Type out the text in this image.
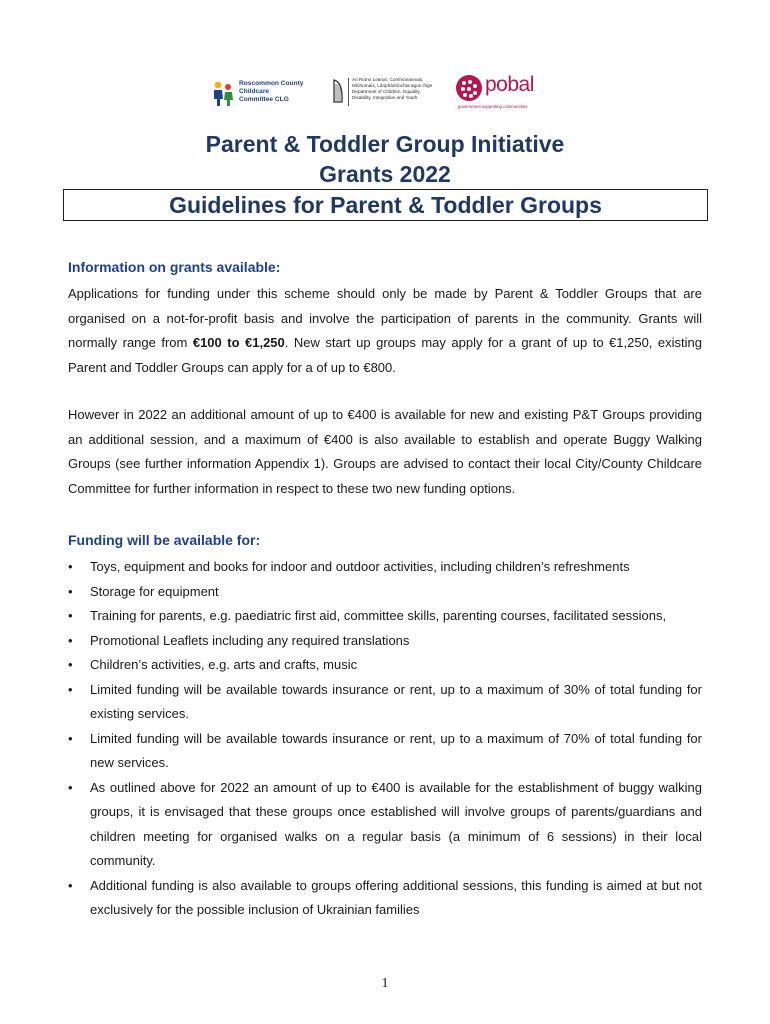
Roscommon County
Childcare
Committee CLG
An Roinn Leanaí, Comhionannais,
Míchumais, Lánpháirtíochta agus Óige
Department of Children, Equality,
Disability, Integration and Youth
pobal
government supporting communities
Parent & Toddler Group Initiative
Grants 2022
Guidelines for Parent & Toddler Groups
Information on grants available:

Applications for funding under this scheme should only be made by Parent & Toddler Groups that are organised on a not-for-profit basis and involve the participation of parents in the community. Grants will normally range from €100 to €1,250. New start up groups may apply for a grant of up to €1,250, existing Parent and Toddler Groups can apply for a of up to €800.

However in 2022 an additional amount of up to €400 is available for new and existing P&T Groups providing an additional session, and a maximum of €400 is also available to establish and operate Buggy Walking Groups (see further information Appendix 1). Groups are advised to contact their local City/County Childcare Committee for further information in respect to these two new funding options.

Funding will be available for:
• Toys, equipment and books for indoor and outdoor activities, including children’s refreshments
• Storage for equipment
• Training for parents, e.g. paediatric first aid, committee skills, parenting courses, facilitated sessions,
• Promotional Leaflets including any required translations
• Children’s activities, e.g. arts and crafts, music
• Limited funding will be available towards insurance or rent, up to a maximum of 30% of total funding for existing services.
• Limited funding will be available towards insurance or rent, up to a maximum of 70% of total funding for new services.
• As outlined above for 2022 an amount of up to €400 is available for the establishment of buggy walking groups, it is envisaged that these groups once established will involve groups of parents/guardians and children meeting for organised walks on a regular basis (a minimum of 6 sessions) in their local community.
• Additional funding is also available to groups offering additional sessions, this funding is aimed at but not exclusively for the possible inclusion of Ukrainian families
1
